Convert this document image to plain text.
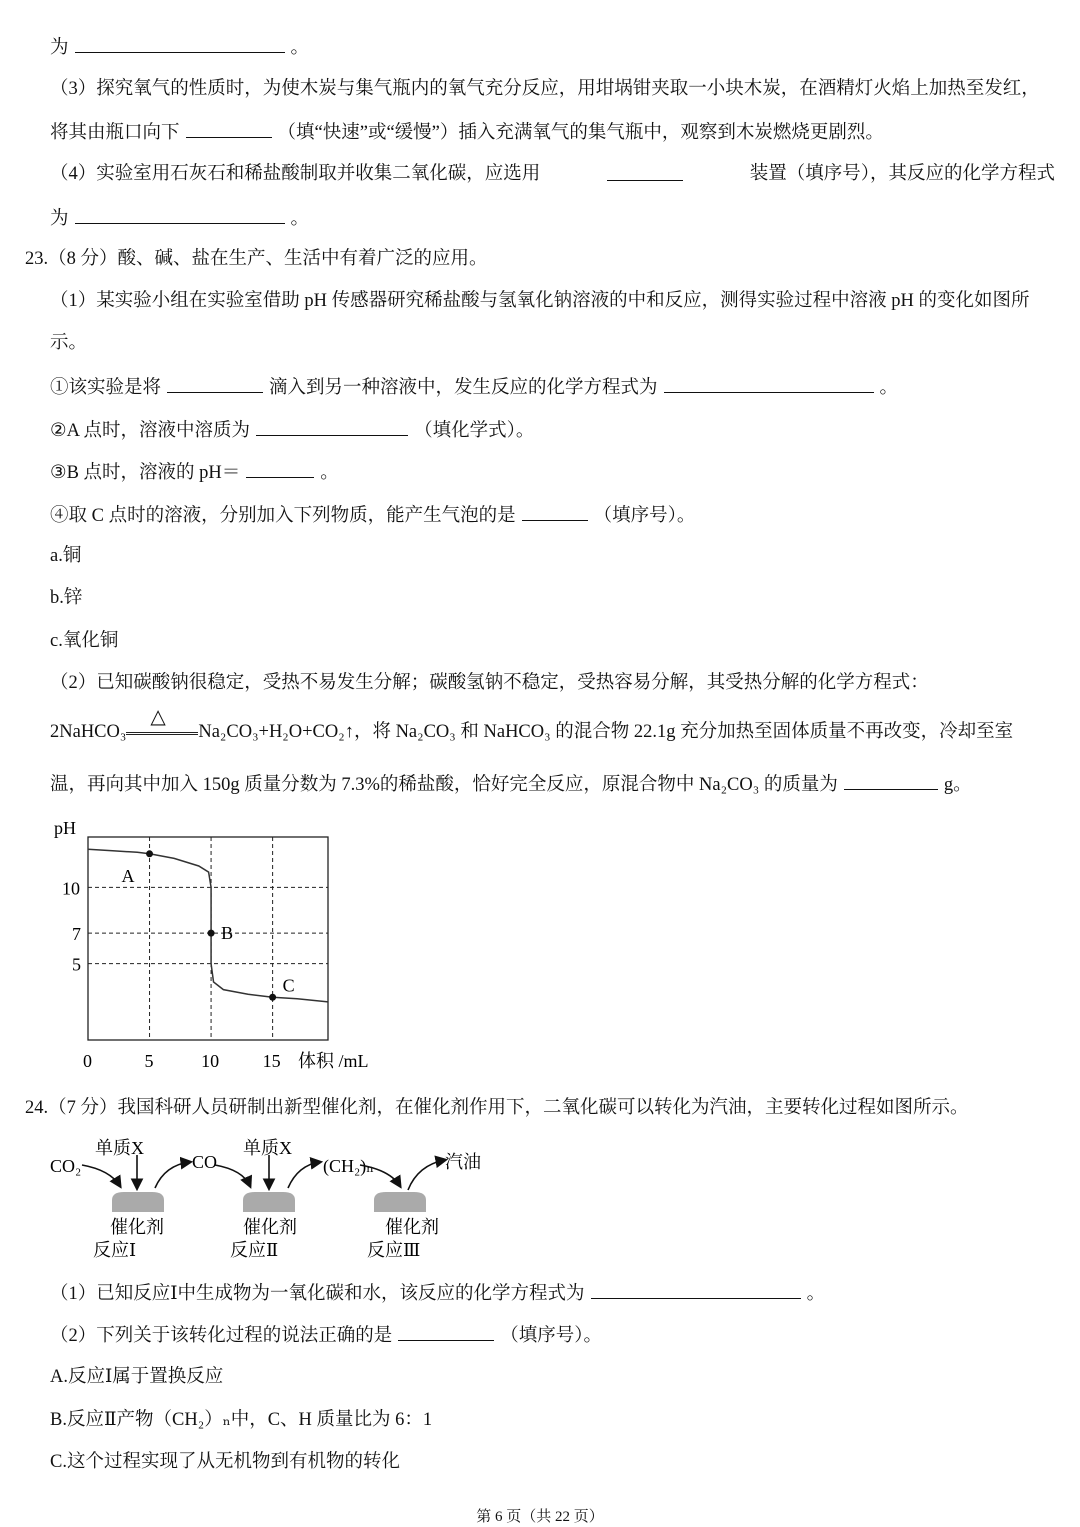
为	。
（3）探究氧气的性质时，为使木炭与集气瓶内的氧气充分反应，用坩埚钳夹取一小块木炭，在酒精灯火焰上加热至发红，
将其由瓶口向下	（填“快速”或“缓慢”）插入充满氧气的集气瓶中，观察到木炭燃烧更剧烈。
（4）实验室用石灰石和稀盐酸制取并收集二氧化碳，应选用	装置（填序号），其反应的化学方程式
为	。
23.（8 分）酸、碱、盐在生产、生活中有着广泛的应用。
（1）某实验小组在实验室借助 pH 传感器研究稀盐酸与氢氧化钠溶液的中和反应，测得实验过程中溶液 pH 的变化如图所
示。
①该实验是将	滴入到另一种溶液中，发生反应的化学方程式为	。
②A 点时，溶液中溶质为	（填化学式）。
③B 点时，溶液的 pH＝	。
④取 C 点时的溶液，分别加入下列物质，能产生气泡的是	（填序号）。
a.铜
b.锌
c.氧化铜
（2）已知碳酸钠很稳定，受热不易发生分解；碳酸氢钠不稳定，受热容易分解，其受热分解的化学方程式：
2NaHCO₃
△
Na₂CO₃+H₂O+CO₂↑，将 Na₂CO₃ 和 NaHCO₃ 的混合物 22.1g 充分加热至固体质量不再改变，冷却至室
温，再向其中加入 150g 质量分数为 7.3%的稀盐酸，恰好完全反应，原混合物中 Na₂CO₃ 的质量为	g。
A
B
C
pH
0	5	10 15
10
7
5
体积 /mL
24.（7 分）我国科研人员研制出新型催化剂，在催化剂作用下，二氧化碳可以转化为汽油，主要转化过程如图所示。
CO₂
单质X
CO
单质X
(CH₂)ₙ	汽油
催化剂	催化剂	催化剂
反应Ⅰ	反应Ⅱ	反应Ⅲ
（1）已知反应Ⅰ中生成物为一氧化碳和水，该反应的化学方程式为	。
（2）下列关于该转化过程的说法正确的是	（填序号）。
A.反应Ⅰ属于置换反应
B.反应Ⅱ产物（CH₂）ₙ中，C、H 质量比为 6：1
C.这个过程实现了从无机物到有机物的转化
第 6 页（共 22 页）
